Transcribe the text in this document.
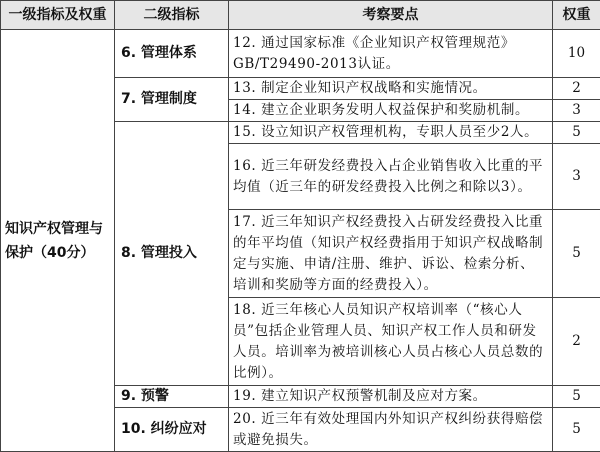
一级指标及权重	二级指标	考察要点	权重
知识产权管理与保护（40分）	6. 管理体系	12. 通过国家标准《企业知识产权管理规范》GB/T29490-2013认证。	10
	7. 管理制度	13. 制定企业知识产权战略和实施情况。	2
		14. 建立企业职务发明人权益保护和奖励机制。	3
	8. 管理投入	15. 设立知识产权管理机构，专职人员至少2人。	5
		16. 近三年研发经费投入占企业销售收入比重的平均值（近三年的研发经费投入比例之和除以3）。	3
		17. 近三年知识产权经费投入占研发经费投入比重的年平均值（知识产权经费指用于知识产权战略制定与实施、申请/注册、维护、诉讼、检索分析、培训和奖励等方面的经费投入）。	5
		18. 近三年核心人员知识产权培训率（“核心人员”包括企业管理人员、知识产权工作人员和研发人员。培训率为被培训核心人员占核心人员总数的比例）。	2
	9. 预警	19. 建立知识产权预警机制及应对方案。	5
	10. 纠纷应对	20. 近三年有效处理国内外知识产权纠纷获得赔偿或避免损失。	5
